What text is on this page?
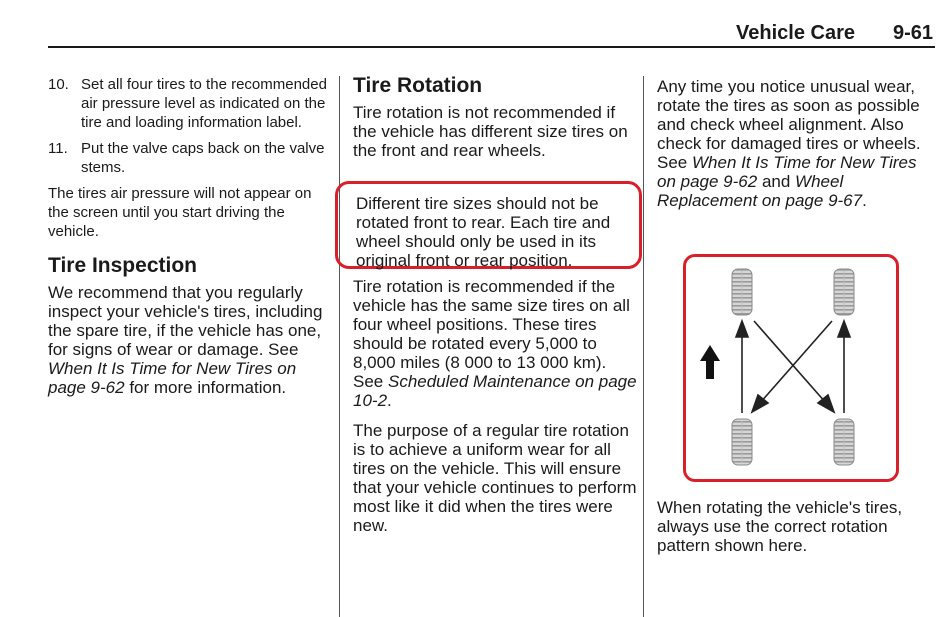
Vehicle Care 9-61
10. Set all four tires to the recommended air pressure level as indicated on the tire and loading information label.
11. Put the valve caps back on the valve stems.

The tires air pressure will not appear on the screen until you start driving the vehicle.

Tire Inspection

We recommend that you regularly inspect your vehicle's tires, including the spare tire, if the vehicle has one, for signs of wear or damage. See When It Is Time for New Tires on page 9-62 for more information.

Tire Rotation

Tire rotation is not recommended if the vehicle has different size tires on the front and rear wheels.

Different tire sizes should not be rotated front to rear. Each tire and wheel should only be used in its original front or rear position.

Tire rotation is recommended if the vehicle has the same size tires on all four wheel positions. These tires should be rotated every 5,000 to 8,000 miles (8 000 to 13 000 km). See Scheduled Maintenance on page 10-2.

The purpose of a regular tire rotation is to achieve a uniform wear for all tires on the vehicle. This will ensure that your vehicle continues to perform most like it did when the tires were new.

Any time you notice unusual wear, rotate the tires as soon as possible and check wheel alignment. Also check for damaged tires or wheels. See When It Is Time for New Tires on page 9-62 and Wheel Replacement on page 9-67.

When rotating the vehicle's tires, always use the correct rotation pattern shown here.
